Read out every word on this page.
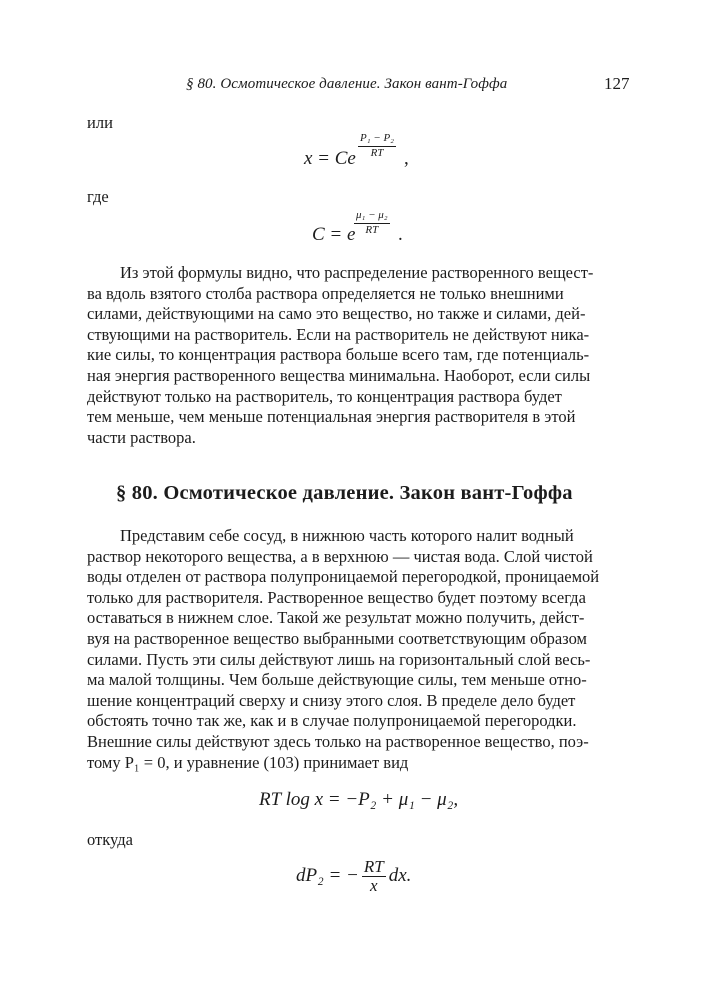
§ 80. Осмотическое давление. Закон вант-Гоффа	127
или
x = Ce $\frac{\text{P₁ − P₂}}{RT}$ ,
где
C = e
$\frac{\text{μ₁ − μ₂}}{RT}$ .
Из этой формулы видно, что распределение растворенного вещест-
ва вдоль взятого столба раствора определяется не только внешними
силами, действующими на само это вещество, но также и силами, дей-
ствующими на растворитель. Если на растворитель не действуют ника-
кие силы, то концентрация раствора больше всего там, где потенциаль-
ная энергия растворенного вещества минимальна. Наоборот, если силы
действуют только на растворитель, то концентрация раствора будет
тем меньше, чем меньше потенциальная энергия растворителя в этой
части раствора.
§ 80. Осмотическое давление. Закон вант-Гоффа
Представим себе сосуд, в нижнюю часть которого налит водный
раствор некоторого вещества, а в верхнюю — чистая вода. Слой чистой
воды отделен от раствора полупроницаемой перегородкой, проницаемой
только для растворителя. Растворенное вещество будет поэтому всегда
оставаться в нижнем слое. Такой же результат можно получить, дейст-
вуя на растворенное вещество выбранными соответствующим образом
силами. Пусть эти силы действуют лишь на горизонтальный слой весь-
ма малой толщины. Чем больше действующие силы, тем меньше отно-
шение концентраций сверху и снизу этого слоя. В пределе дело будет
обстоять точно так же, как и в случае полупроницаемой перегородки.
Внешние силы действуют здесь только на растворенное вещество, поэ-
тому P₁ = 0, и уравнение (103) принимает вид
RT log x = −P₂ + μ₁ − μ₂,
откуда
dP₂ = − $\frac{RT}{x}$ dx.
